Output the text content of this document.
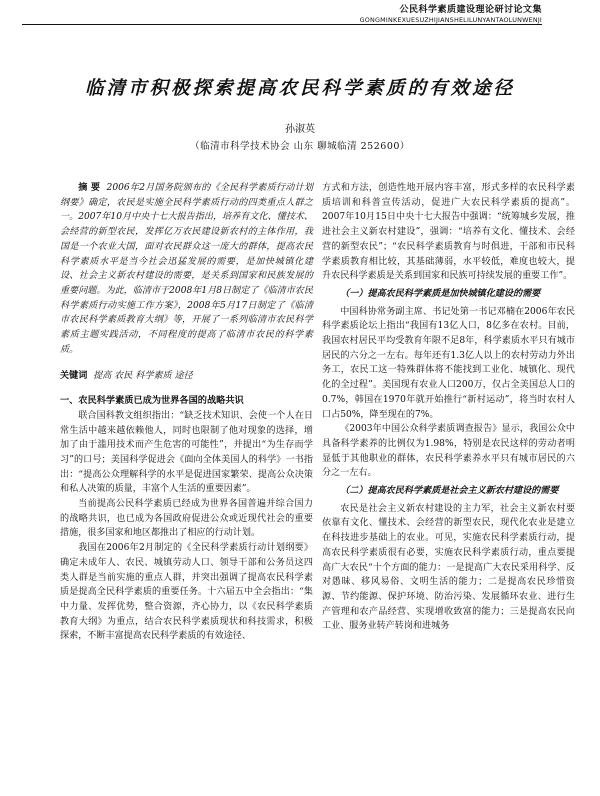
公民科学素质建设理论研讨论文集
GONGMINKEXUESUZHIJIANSHELILUNYANTAOLUNWENJI
临清市积极探索提高农民科学素质的有效途径
孙淑英
（临清市科学技术协会 山东 聊城临清 252600）
摘 要 2006年2月国务院颁布的《全民科学素质行动计划纲要》确定，农民是实施全民科学素质行动的四类重点人群之一。2007年10月中央十七大报告指出，培养有文化、懂技术、会经营的新型农民，发挥亿万农民建设新农村的主体作用，我国是一个农业大国，面对农民群众这一庞大的群体，提高农民科学素质水平是当今社会迅猛发展的需要，是加快城镇化建设、社会主义新农村建设的需要，是关系到国家和民族发展的重要问题。为此，临清市于2008年1月8日制定了《临清市农民科学素质行动实施工作方案》，2008年5月17日制定了《临清市农民科学素质教育大纲》等，开展了一系列临清市农民科学素质主题实践活动，不同程度的提高了临清市农民的科学素质。
关键词 提高 农民 科学素质 途径
一、农民科学素质已成为世界各国的战略共识
联合国科教文组织指出：“缺乏技术知识、会使一个人在日常生活中越来越依赖他人，同时也限制了他对现象的选择，增加了由于滥用技术而产生危害的可能性”，并提出“为生存而学习”的口号；美国科学促进会《面向全体美国人的科学》一书指出：“提高公众理解科学的水平是促进国家繁荣、提高公众决策和私人决策的质量，丰富个人生活的重要因素”。
当前提高公民科学素质已经成为世界各国普遍并综合国力的战略共识，也已成为各国政府促进公众或近现代社会的重要措施，很多国家和地区都推出了相应的行动计划。
我国在2006年2月制定的《全民科学素质行动计划纲要》确定未成年人、农民、城镇劳动人口、领导干部和公务员这四类人群是当前实施的重点人群，并突出强调了提高农民科学素质是提高全民科学素质的重要任务。十六届五中全会指出：“集中力量、发挥优势，整合资源，齐心协力，以《农民科学素质教育大纲》为重点，结合农民科学素质现状和科技需求，积极探索，不断丰富提高农民科学素质的有效途径、
方式和方法，创造性地开展内容丰富，形式多样的农民科学素质培训和科普宣传活动，促进广大农民科学素质的提高”。2007年10月15日中央十七大报告中强调：“统筹城乡发展，推进社会主义新农村建设”，强调：“培养有文化、懂技术、会经营的新型农民”；“农民科学素质教育与时俱进，干部和市民科学素质教育相比较，其基础薄弱，水平较低，难度也较大，提升农民科学素质是关系到国家和民族可持续发展的重要工作”。
（一）提高农民科学素质是加快城镇化建设的需要
中国科协常务副主席、书记处第一书记邓楠在2006年农民科学素质论坛上指出“我国有13亿人口，8亿多在农村。目前，我国农村居民平均受教育年限不足8年，科学素质水平只有城市居民的六分之一左右。每年还有1.3亿人以上的农村劳动力外出务工，农民工这一特殊群体将不能找到工业化、城镇化、现代化的全过程”。美国现有农业人口200万，仅占全美国总人口的0.7%，韩国在1970年就开始推行“新村运动”，将当时农村人口占50%，降至现在的7%。
《2003年中国公众科学素质调查报告》显示，我国公众中具备科学素养的比例仅为1.98%，特别是农民这样的劳动者明显低于其他职业的群体，农民科学素养水平只有城市居民的六分之一左右。
（二）提高农民科学素质是社会主义新农村建设的需要
农民是社会主义新农村建设的主力军，社会主义新农村要依靠有文化、懂技术、会经营的新型农民，现代化农业是建立在科技进步基础上的农业。可见，实施农民科学素质行动，提高农民科学素质很有必要，实施农民科学素质行动，重点要提高广大农民“十个方面的能力：一是提高广大农民采用科学、反对愚昧、移风易俗、文明生活的能力；二是提高农民珍惜资源、节约能源、保护环境、防治污染、发展循环农业、进行生产管理和农产品经营、实现增收致富的能力；三是提高农民向工业、服务业转产转岗和进城务
